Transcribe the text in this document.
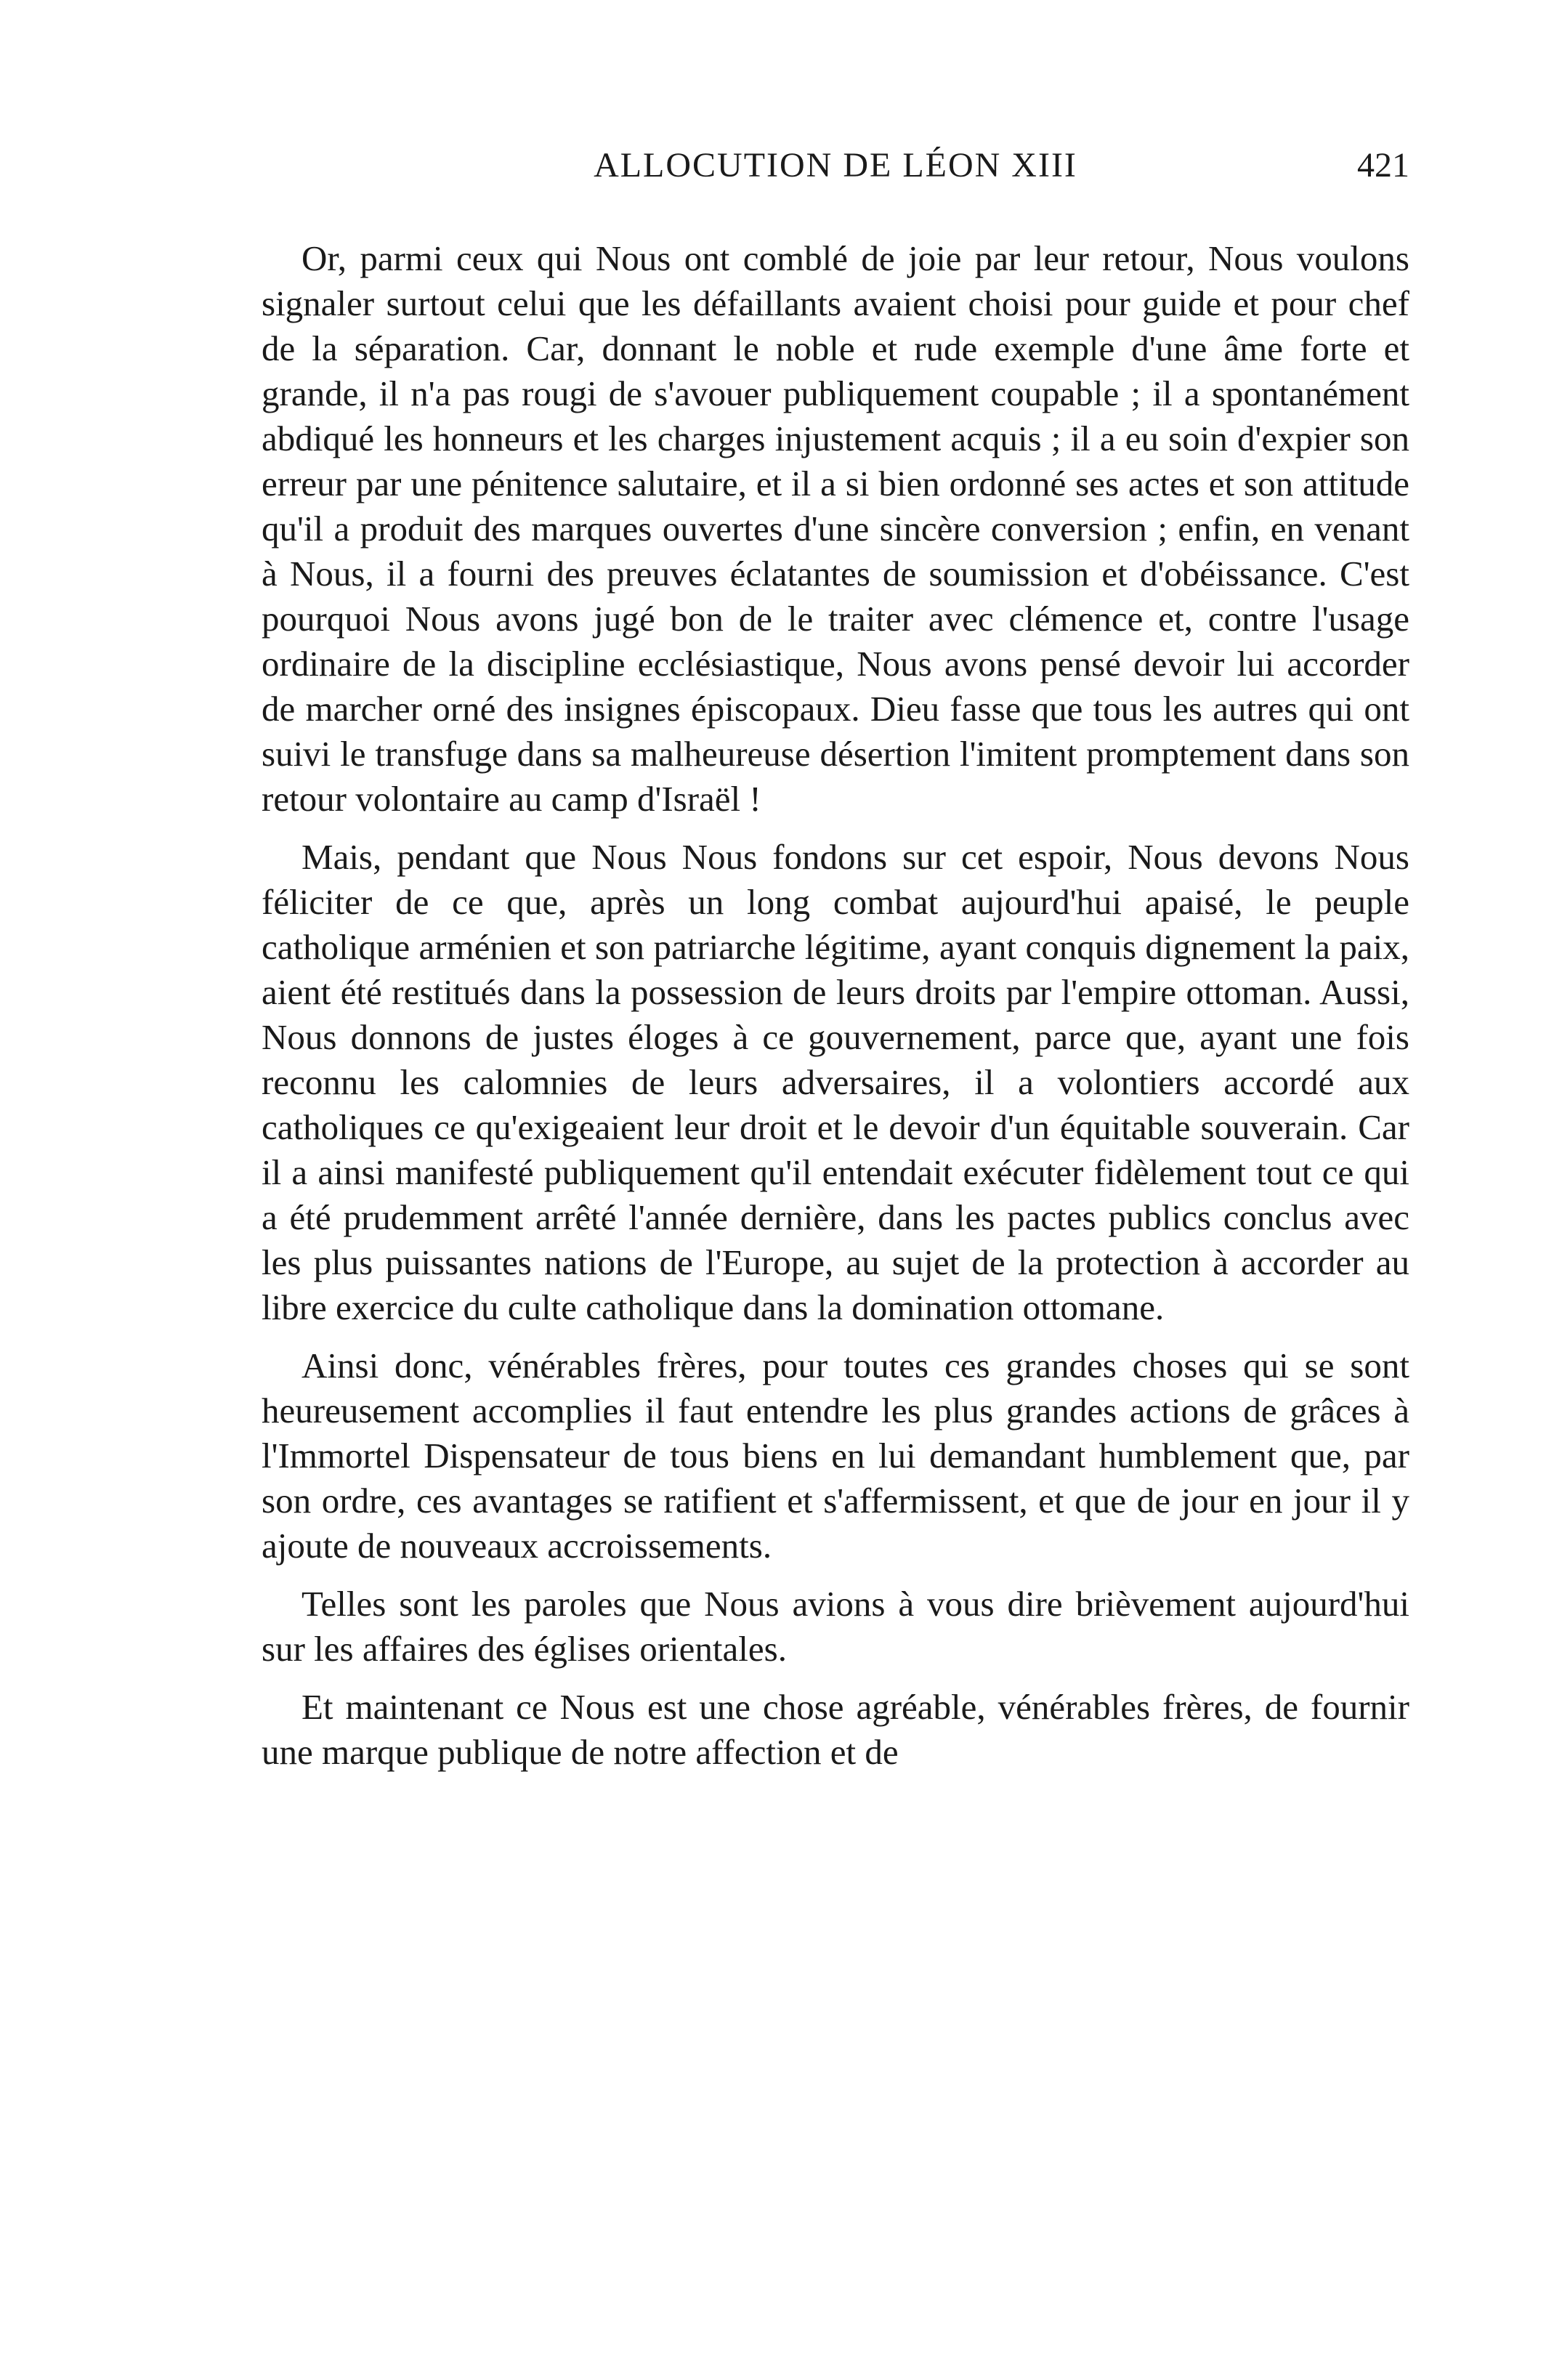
ALLOCUTION DE LÉON XIII	421

Or, parmi ceux qui Nous ont comblé de joie par leur retour, Nous voulons signaler surtout celui que les défaillants avaient choisi pour guide et pour chef de la séparation. Car, donnant le noble et rude exemple d'une âme forte et grande, il n'a pas rougi de s'avouer publiquement coupable ; il a spontanément abdiqué les honneurs et les charges injustement acquis ; il a eu soin d'expier son erreur par une pénitence salutaire, et il a si bien ordonné ses actes et son attitude qu'il a produit des marques ouvertes d'une sincère conversion ; enfin, en venant à Nous, il a fourni des preuves éclatantes de soumission et d'obéissance. C'est pourquoi Nous avons jugé bon de le traiter avec clémence et, contre l'usage ordinaire de la discipline ecclésiastique, Nous avons pensé devoir lui accorder de marcher orné des insignes épiscopaux. Dieu fasse que tous les autres qui ont suivi le transfuge dans sa malheureuse désertion l'imitent promptement dans son retour volontaire au camp d'Israël !

Mais, pendant que Nous Nous fondons sur cet espoir, Nous devons Nous féliciter de ce que, après un long combat aujourd'hui apaisé, le peuple catholique arménien et son patriarche légitime, ayant conquis dignement la paix, aient été restitués dans la possession de leurs droits par l'empire ottoman. Aussi, Nous donnons de justes éloges à ce gouvernement, parce que, ayant une fois reconnu les calomnies de leurs adversaires, il a volontiers accordé aux catholiques ce qu'exigeaient leur droit et le devoir d'un équitable souverain. Car il a ainsi manifesté publiquement qu'il entendait exécuter fidèlement tout ce qui a été prudemment arrêté l'année dernière, dans les pactes publics conclus avec les plus puissantes nations de l'Europe, au sujet de la protection à accorder au libre exercice du culte catholique dans la domination ottomane.

Ainsi donc, vénérables frères, pour toutes ces grandes choses qui se sont heureusement accomplies il faut entendre les plus grandes actions de grâces à l'Immortel Dispensateur de tous biens en lui demandant humblement que, par son ordre, ces avantages se ratifient et s'affermissent, et que de jour en jour il y ajoute de nouveaux accroissements.

Telles sont les paroles que Nous avions à vous dire brièvement aujourd'hui sur les affaires des églises orientales.

Et maintenant ce Nous est une chose agréable, vénérables frères, de fournir une marque publique de notre affection et de
